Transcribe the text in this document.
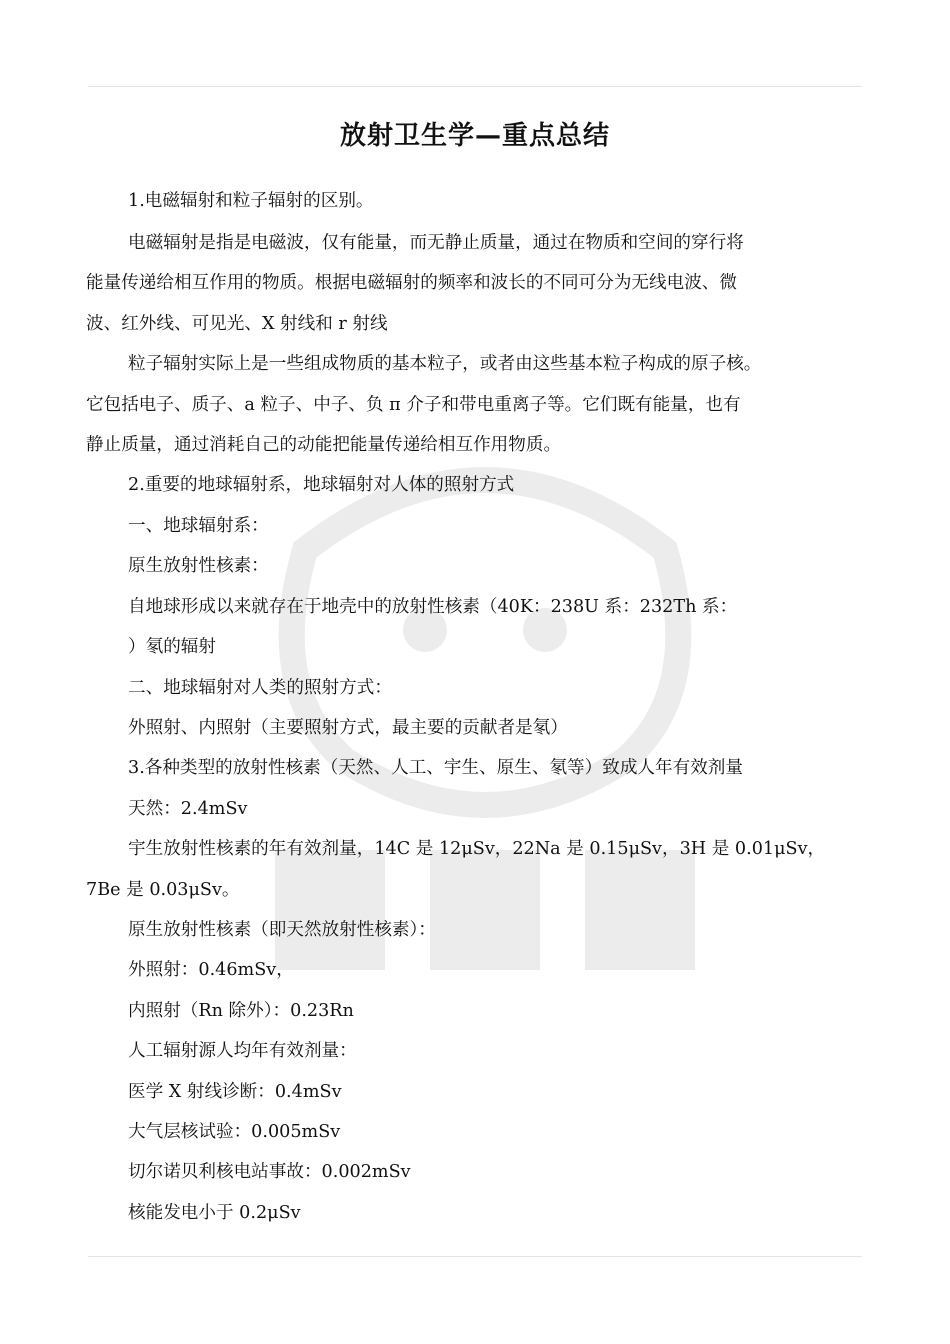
放射卫生学—重点总结
1.电磁辐射和粒子辐射的区别。
电磁辐射是指是电磁波，仅有能量，而无静止质量，通过在物质和空间的穿行将
能量传递给相互作用的物质。根据电磁辐射的频率和波长的不同可分为无线电波、微
波、红外线、可见光、X 射线和 r 射线
粒子辐射实际上是一些组成物质的基本粒子，或者由这些基本粒子构成的原子核。
它包括电子、质子、a 粒子、中子、负 π 介子和带电重离子等。它们既有能量，也有
静止质量，通过消耗自己的动能把能量传递给相互作用物质。
2.重要的地球辐射系，地球辐射对人体的照射方式
一、地球辐射系：
原生放射性核素：
自地球形成以来就存在于地壳中的放射性核素（40K：238U 系：232Th 系：
）氡的辐射
二、地球辐射对人类的照射方式：
外照射、内照射（主要照射方式，最主要的贡献者是氡）
3.各种类型的放射性核素（天然、人工、宇生、原生、氡等）致成人年有效剂量
天然：2.4mSv
宇生放射性核素的年有效剂量，14C 是 12μSv，22Na 是 0.15μSv，3H 是 0.01μSv，
7Be 是 0.03μSv。
原生放射性核素（即天然放射性核素）：
外照射：0.46mSv，
内照射（Rn 除外）：0.23Rn
人工辐射源人均年有效剂量：
医学 X 射线诊断：0.4mSv
大气层核试验：0.005mSv
切尔诺贝利核电站事故：0.002mSv
核能发电小于 0.2μSv
